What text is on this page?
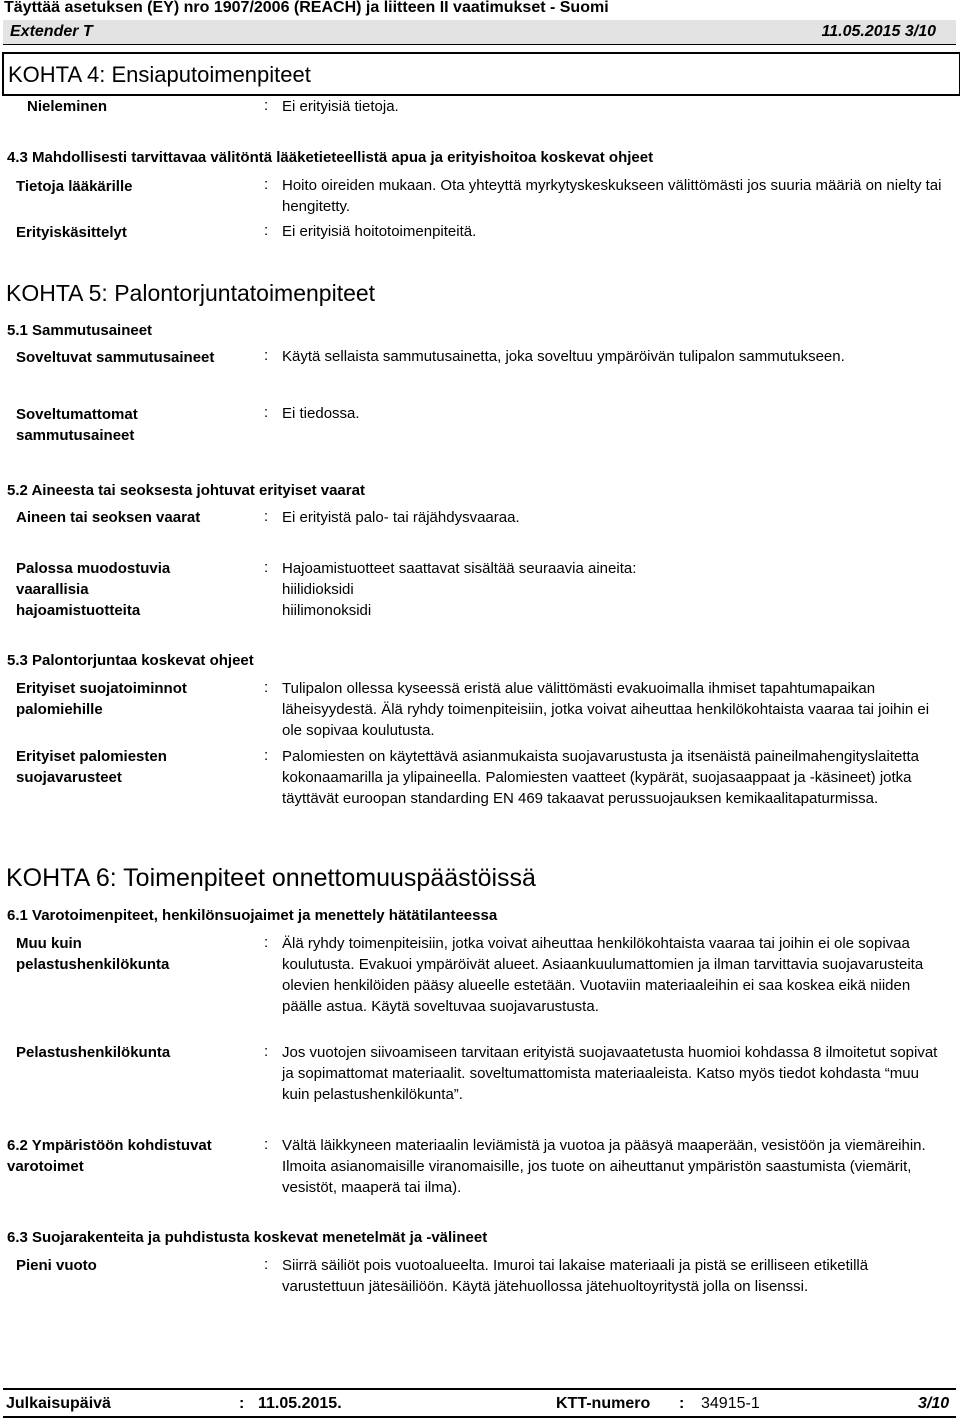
Täyttää asetuksen (EY) nro 1907/2006 (REACH) ja liitteen II vaatimukset - Suomi
Extender T	11.05.2015 3/10
KOHTA 4: Ensiaputoimenpiteet
Nieleminen	: Ei erityisiä tietoja.
4.3 Mahdollisesti tarvittavaa välitöntä lääketieteellistä apua ja erityishoitoa koskevat ohjeet
Tietoja lääkärille	: Hoito oireiden mukaan. Ota yhteyttä myrkytyskeskukseen välittömästi jos suuria määriä on nielty tai hengitetty.
Erityiskäsittelyt	: Ei erityisiä hoitotoimenpiteitä.
KOHTA 5: Palontorjuntatoimenpiteet
5.1 Sammutusaineet
Soveltuvat sammutusaineet	: Käytä sellaista sammutusainetta, joka soveltuu ympäröivän tulipalon sammutukseen.
Soveltumattomat sammutusaineet
: Ei tiedossa.
5.2 Aineesta tai seoksesta johtuvat erityiset vaarat
Aineen tai seoksen vaarat	: Ei erityistä palo- tai räjähdysvaaraa.
Palossa muodostuvia vaarallisia hajoamistuotteita
: Hajoamistuotteet saattavat sisältää seuraavia aineita:
hiilidioksidi
hiilimonoksidi
5.3 Palontorjuntaa koskevat ohjeet
Erityiset suojatoiminnot palomiehille
: Tulipalon ollessa kyseessä eristä alue välittömästi evakuoimalla ihmiset tapahtumapaikan läheisyydestä. Älä ryhdy toimenpiteisiin, jotka voivat aiheuttaa henkilökohtaista vaaraa tai joihin ei ole sopivaa koulutusta.
Erityiset palomiesten suojavarusteet
: Palomiesten on käytettävä asianmukaista suojavarustusta ja itsenäistä paineilmahengityslaitetta kokonaamarilla ja ylipaineella. Palomiesten vaatteet (kypärät, suojasaappaat ja -käsineet) jotka täyttävät euroopan standarding EN 469 takaavat perussuojauksen kemikaalitapaturmissa.
KOHTA 6: Toimenpiteet onnettomuuspäästöissä
6.1 Varotoimenpiteet, henkilönsuojaimet ja menettely hätätilanteessa
Muu kuin pelastushenkilökunta
: Älä ryhdy toimenpiteisiin, jotka voivat aiheuttaa henkilökohtaista vaaraa tai joihin ei ole sopivaa koulutusta. Evakuoi ympäröivät alueet. Asiaankuulumattomien ja ilman tarvittavia suojavarusteita olevien henkilöiden pääsy alueelle estetään. Vuotaviin materiaaleihin ei saa koskea eikä niiden päälle astua. Käytä soveltuvaa suojavarustusta.
Pelastushenkilökunta	: Jos vuotojen siivoamiseen tarvitaan erityistä suojavaatetusta huomioi kohdassa 8 ilmoitetut sopivat ja sopimattomat materiaalit. soveltumattomista materiaaleista. Katso myös tiedot kohdasta “muu kuin pelastushenkilökunta”.
6.2 Ympäristöön kohdistuvat varotoimet
: Vältä läikkyneen materiaalin leviämistä ja vuotoa ja pääsyä maaperään, vesistöön ja viemäreihin. Ilmoita asianomaisille viranomaisille, jos tuote on aiheuttanut ympäristön saastumista (viemärit, vesistöt, maaperä tai ilma).
6.3 Suojarakenteita ja puhdistusta koskevat menetelmät ja -välineet
Pieni vuoto	: Siirrä säiliöt pois vuotoalueelta. Imuroi tai lakaise materiaali ja pistä se erilliseen etiketillä varustettuun jätesäiliöön. Käytä jätehuollossa jätehuoltoyritystä jolla on lisenssi.
Julkaisupäivä	: 11.05.2015.	KTT-numero : 34915-1	3/10
